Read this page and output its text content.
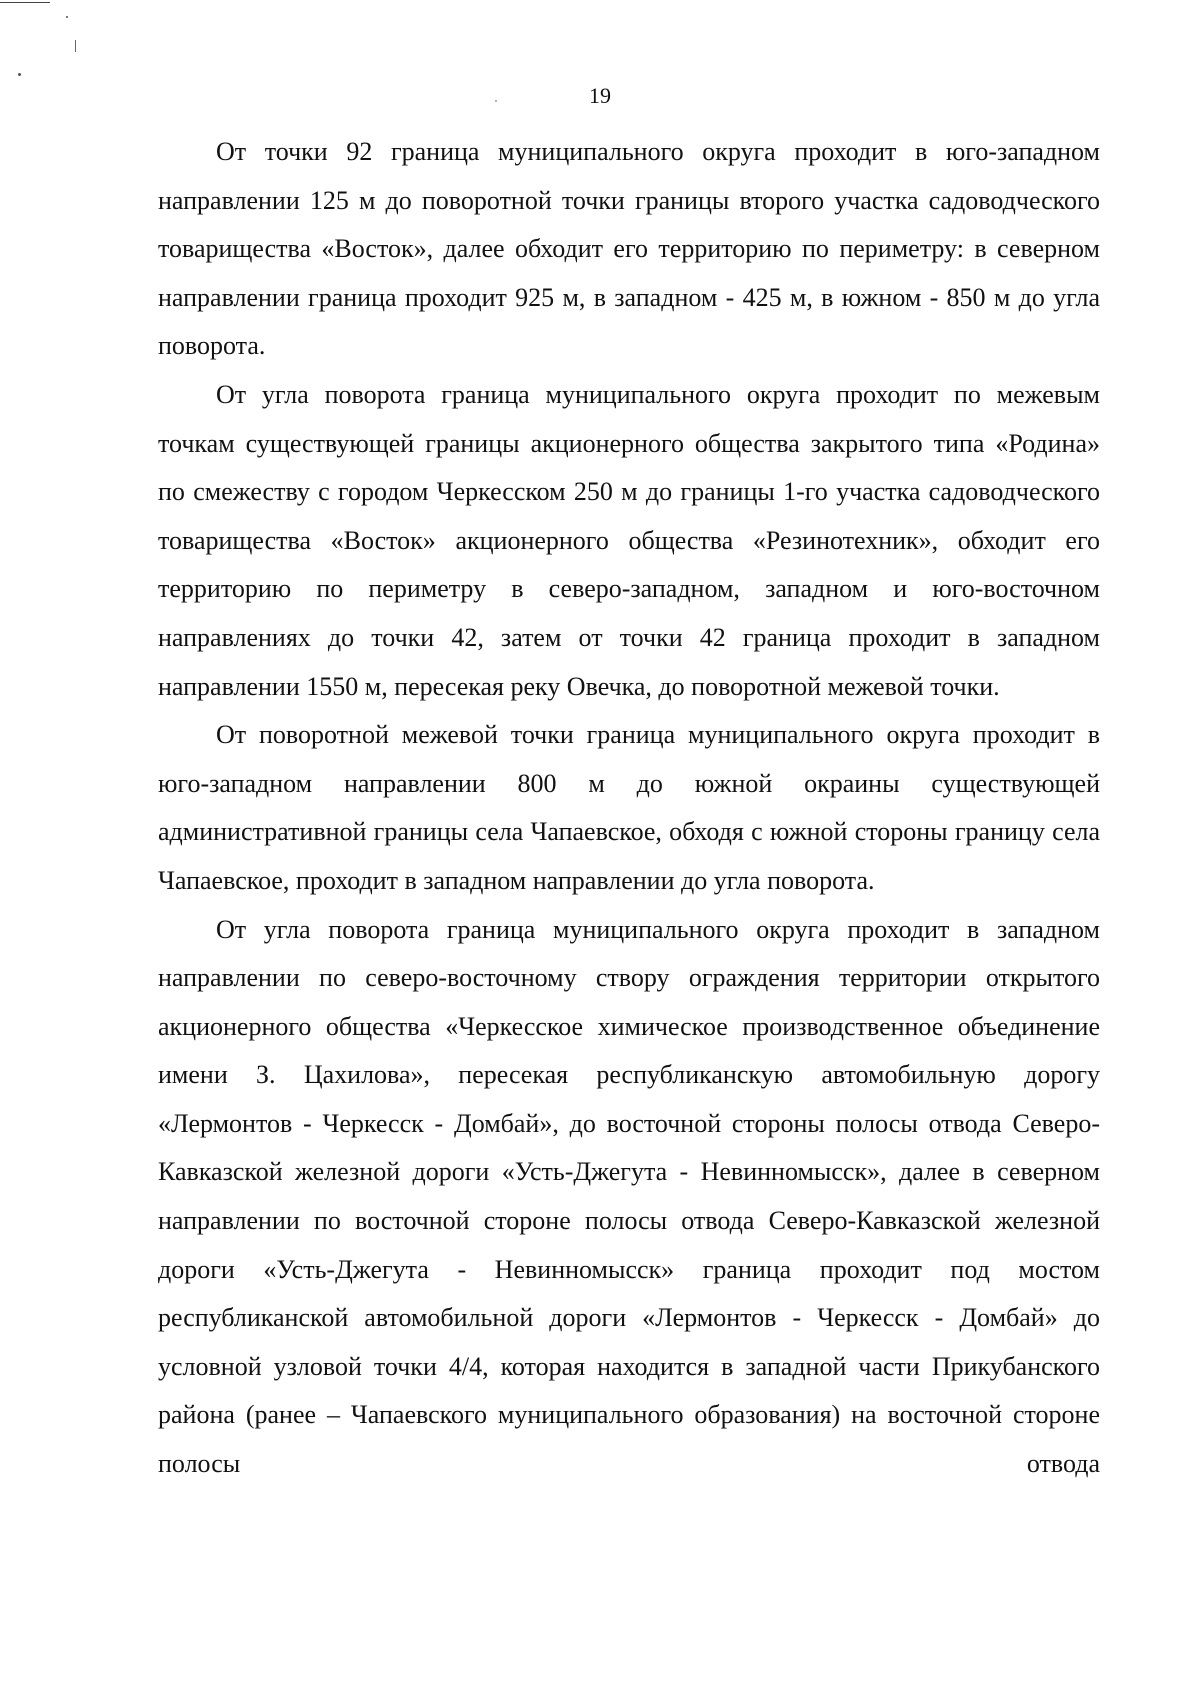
19

От точки 92 граница муниципального округа проходит в юго-западном направлении 125 м до поворотной точки границы второго участка садоводческого товарищества «Восток», далее обходит его территорию по периметру: в северном направлении граница проходит 925 м, в западном - 425 м, в южном - 850 м до угла поворота.

От угла поворота граница муниципального округа проходит по межевым точкам существующей границы акционерного общества закрытого типа «Родина» по смежеству с городом Черкесском 250 м до границы 1-го участка садоводческого товарищества «Восток» акционерного общества «Резинотехник», обходит его территорию по периметру в северо-западном, западном и юго-восточном направлениях до точки 42, затем от точки 42 граница проходит в западном направлении 1550 м, пересекая реку Овечка, до поворотной межевой точки.

От поворотной межевой точки граница муниципального округа проходит в юго-западном направлении 800 м до южной окраины существующей административной границы села Чапаевское, обходя с южной стороны границу села Чапаевское, проходит в западном направлении до угла поворота.

От угла поворота граница муниципального округа проходит в западном направлении по северо-восточному створу ограждения территории открытого акционерного общества «Черкесское химическое производственное объединение имени З. Цахилова», пересекая республиканскую автомобильную дорогу «Лермонтов - Черкесск - Домбай», до восточной стороны полосы отвода Северо-Кавказской железной дороги «Усть-Джегута - Невинномысск», далее в северном направлении по восточной стороне полосы отвода Северо-Кавказской железной дороги «Усть-Джегута - Невинномысск» граница проходит под мостом республиканской автомобильной дороги «Лермонтов - Черкесск - Домбай» до условной узловой точки 4/4, которая находится в западной части Прикубанского района (ранее – Чапаевского муниципального образования) на восточной стороне полосы отвода
